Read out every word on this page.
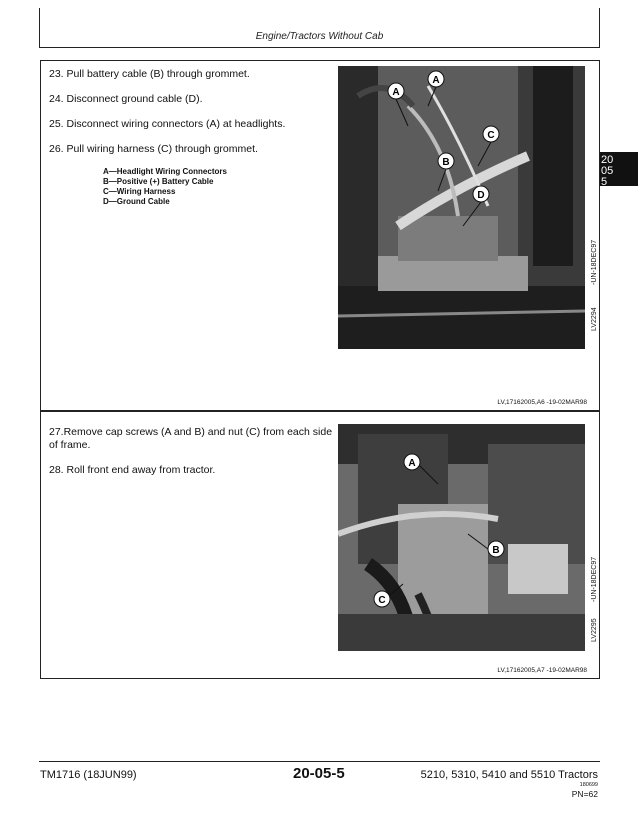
Engine/Tractors Without Cab
20
05
5
23. Pull battery cable (B) through grommet.
24. Disconnect ground cable (D).
25. Disconnect wiring connectors (A) at headlights.
26. Pull wiring harness (C) through grommet.
A—Headlight Wiring Connectors
B—Positive (+) Battery Cable
C—Wiring Harness
D—Ground Cable
A
A
B
C
D
LV2294
-UN-18DEC97
LV,17162005,A6 -19-02MAR98
27.Remove cap screws (A and B) and nut (C) from each side of frame.
28. Roll front end away from tractor.
A
B
C
LV2295
-UN-18DEC97
LV,17162005,A7 -19-02MAR98
TM1716 (18JUN99)	20-05-5	5210, 5310, 5410 and 5510 Tractors
180699
PN=62
